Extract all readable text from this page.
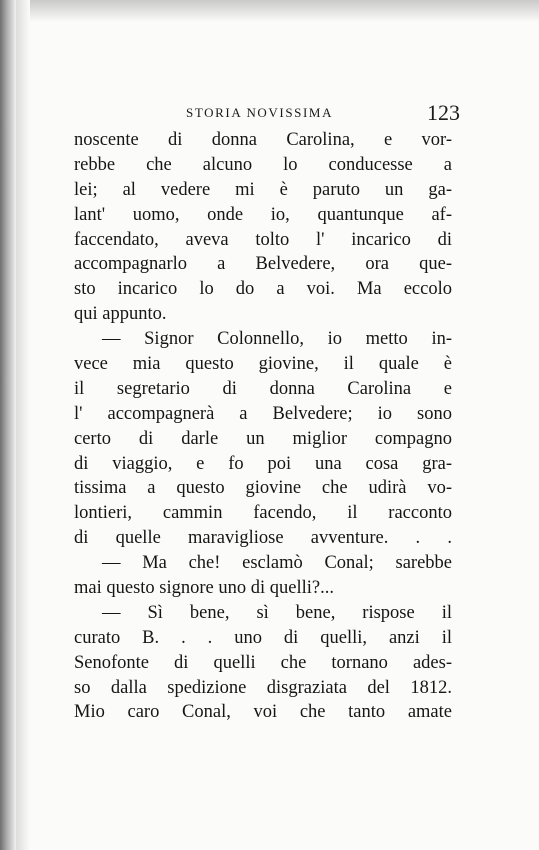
STORIA NOVISSIMA	123
noscente di donna Carolina, e vor-
rebbe che alcuno lo conducesse a
lei; al vedere mi è paruto un ga-
lant' uomo, onde io, quantunque af-
faccendato, aveva tolto l' incarico di
accompagnarlo a Belvedere, ora que-
sto incarico lo do a voi. Ma eccolo
qui appunto.
— Signor Colonnello, io metto in-
vece mia questo giovine, il quale è
il segretario di donna Carolina e
l' accompagnerà a Belvedere; io sono
certo di darle un miglior compagno
di viaggio, e fo poi una cosa gra-
tissima a questo giovine che udirà vo-
lontieri, cammin facendo, il racconto
di quelle maravigliose avventure. . .
— Ma che! esclamò Conal; sarebbe
mai questo signore uno di quelli?...
— Sì bene, sì bene, rispose il
curato B. . . uno di quelli, anzi il
Senofonte di quelli che tornano ades-
so dalla spedizione disgraziata del 1812.
Mio caro Conal, voi che tanto amate
